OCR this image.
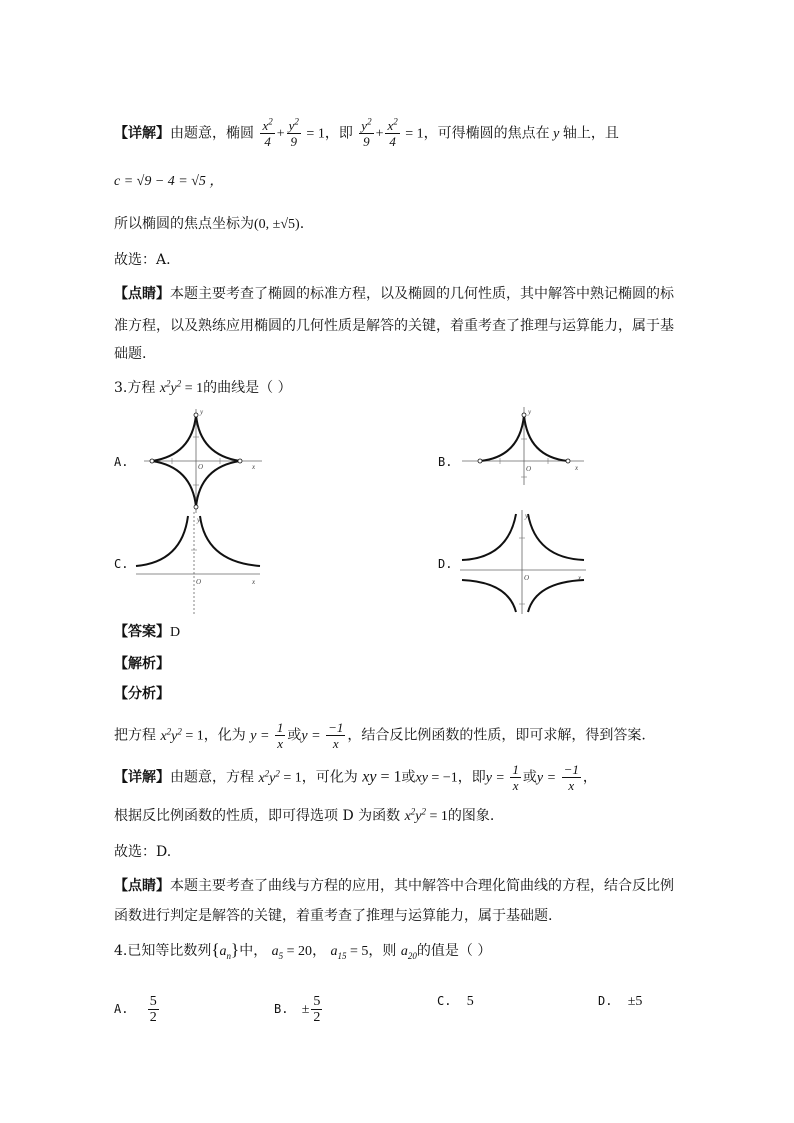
【详解】由题意，椭圆 $\frac{x^2}{4} + \frac{y^2}{9} = 1$，即 $\frac{y^2}{9} + \frac{x^2}{4} = 1$，可得椭圆的焦点在 y 轴上，且
c = √9 − 4 = √5 ，
所以椭圆的焦点坐标为(0, ±√5).
故选：A.
【点睛】本题主要考查了椭圆的标准方程，以及椭圆的几何性质，其中解答中熟记椭圆的标
准方程，以及熟练应用椭圆的几何性质是解答的关键，着重考查了推理与运算能力，属于基
础题.
3.方程 $x^2y^2 = 1$的曲线是（ ）
A.
y
x
O	B.
y
x
O
C.
y
x
O
D.
y
x
O
【答案】D
【解析】
【分析】
把方程 $x^2y^2 = 1$，化为 $y = \frac{1}{x}$ 或$y = \frac{-1}{x}$ ，结合反比例函数的性质，即可求解，得到答案.
【详解】由题意，方程 $x^2y^2 = 1$，可化为 xy = 1或xy = −1，即$y = \frac{1}{x}$ 或$y = \frac{-1}{x}$ ，
根据反比例函数的性质，即可得选项 D 为函数 $x^2y^2 = 1$的图象.
故选：D.
【点睛】本题主要考查了曲线与方程的应用，其中解答中合理化简曲线的方程，结合反比例
函数进行判定是解答的关键，着重考查了推理与运算能力，属于基础题.
4.已知等比数列$\{a_n\}$中， $a_5 = 20$， $a_{15} = 5$，则 $a_{20}$的值是（ ）
A. $\frac{5}{2}$	B. ± $\frac{5}{2}$	C. 5	D. ±5
